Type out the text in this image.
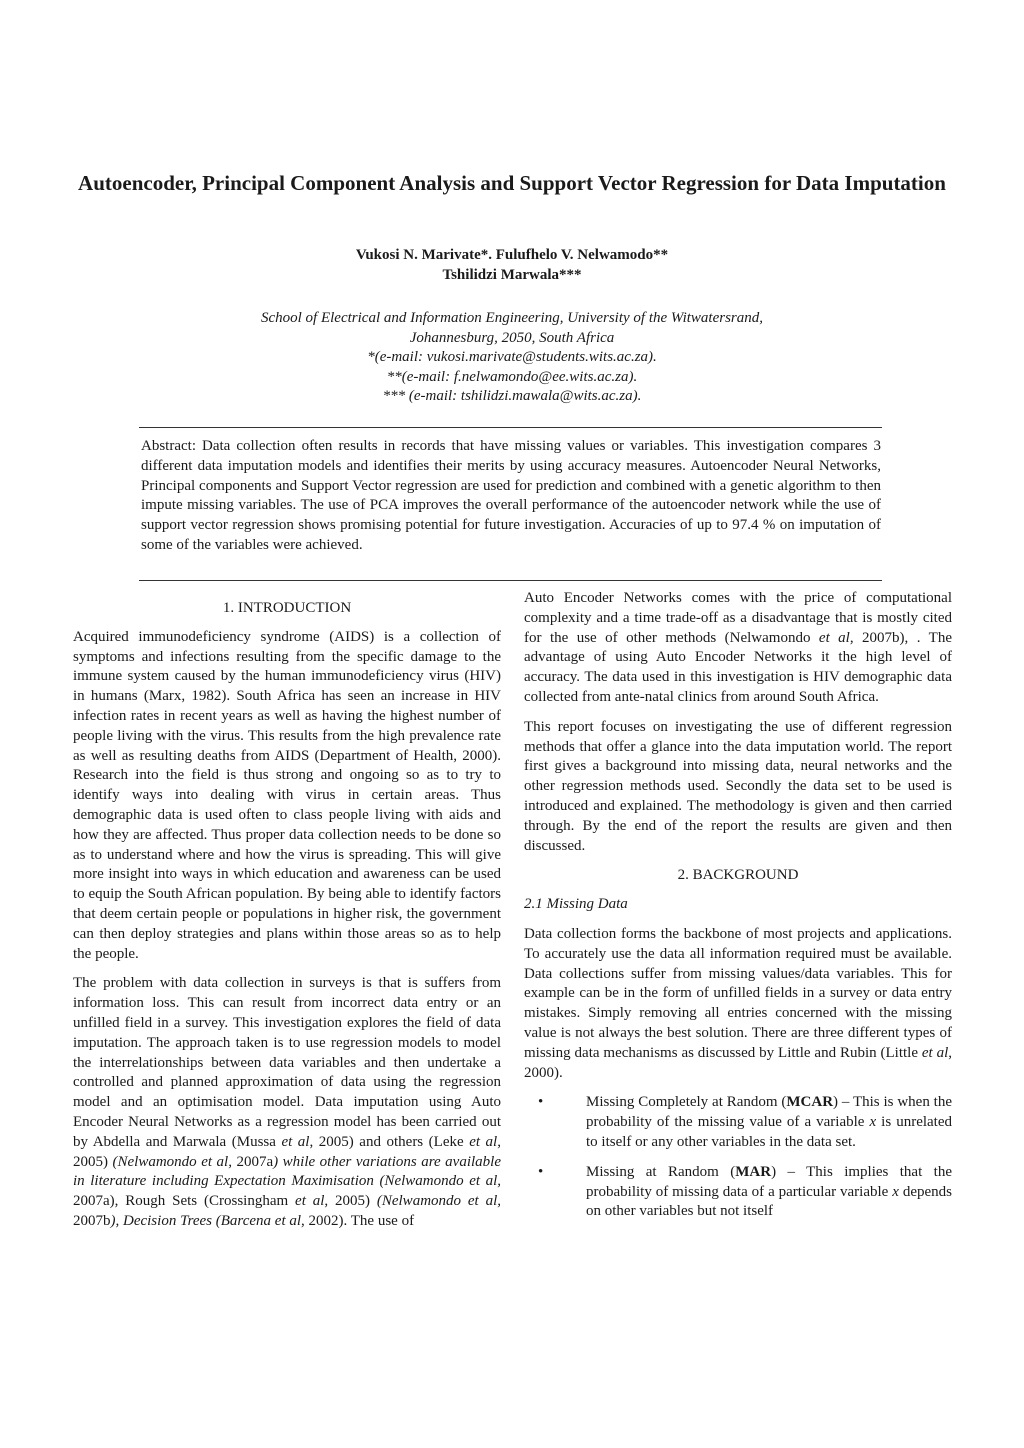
Autoencoder, Principal Component Analysis and Support Vector Regression for Data Imputation
Vukosi N. Marivate*. Fulufhelo V. Nelwamodo**
Tshilidzi Marwala***
School of Electrical and Information Engineering, University of the Witwatersrand,
Johannesburg, 2050, South Africa
*(e-mail: vukosi.marivate@students.wits.ac.za).
**(e-mail: f.nelwamondo@ee.wits.ac.za).
*** (e-mail: tshilidzi.mawala@wits.ac.za).
Abstract: Data collection often results in records that have missing values or variables. This investigation compares 3 different data imputation models and identifies their merits by using accuracy measures. Autoencoder Neural Networks, Principal components and Support Vector regression are used for prediction and combined with a genetic algorithm to then impute missing variables. The use of PCA improves the overall performance of the autoencoder network while the use of support vector regression shows promising potential for future investigation. Accuracies of up to 97.4 % on imputation of some of the variables were achieved.
1. INTRODUCTION

Acquired immunodeficiency syndrome (AIDS) is a collection of symptoms and infections resulting from the specific damage to the immune system caused by the human immunodeficiency virus (HIV) in humans (Marx, 1982). South Africa has seen an increase in HIV infection rates in recent years as well as having the highest number of people living with the virus. This results from the high prevalence rate as well as resulting deaths from AIDS (Department of Health, 2000). Research into the field is thus strong and ongoing so as to try to identify ways into dealing with virus in certain areas. Thus demographic data is used often to class people living with aids and how they are affected. Thus proper data collection needs to be done so as to understand where and how the virus is spreading. This will give more insight into ways in which education and awareness can be used to equip the South African population. By being able to identify factors that deem certain people or populations in higher risk, the government can then deploy strategies and plans within those areas so as to help the people.

The problem with data collection in surveys is that is suffers from information loss. This can result from incorrect data entry or an unfilled field in a survey. This investigation explores the field of data imputation. The approach taken is to use regression models to model the interrelationships between data variables and then undertake a controlled and planned approximation of data using the regression model and an optimisation model. Data imputation using Auto Encoder Neural Networks as a regression model has been carried out by Abdella and Marwala (Mussa et al, 2005) and others (Leke et al, 2005) (Nelwamondo et al, 2007a) while other variations are available in literature including Expectation Maximisation (Nelwamondo et al, 2007a), Rough Sets (Crossingham et al, 2005) (Nelwamondo et al, 2007b), Decision Trees (Barcena et al, 2002). The use of

Auto Encoder Networks comes with the price of computational complexity and a time trade-off as a disadvantage that is mostly cited for the use of other methods (Nelwamondo et al, 2007b), . The advantage of using Auto Encoder Networks it the high level of accuracy. The data used in this investigation is HIV demographic data collected from ante-natal clinics from around South Africa.

This report focuses on investigating the use of different regression methods that offer a glance into the data imputation world. The report first gives a background into missing data, neural networks and the other regression methods used. Secondly the data set to be used is introduced and explained. The methodology is given and then carried through. By the end of the report the results are given and then discussed.

2. BACKGROUND
2.1 Missing Data

Data collection forms the backbone of most projects and applications. To accurately use the data all information required must be available. Data collections suffer from missing values/data variables. This for example can be in the form of unfilled fields in a survey or data entry mistakes. Simply removing all entries concerned with the missing value is not always the best solution. There are three different types of missing data mechanisms as discussed by Little and Rubin (Little et al, 2000).

•	Missing Completely at Random (MCAR) – This is when the probability of the missing value of a variable x is unrelated to itself or any other variables in the data set.
•	Missing at Random (MAR) – This implies that the probability of missing data of a particular variable x depends on other variables but not itself
